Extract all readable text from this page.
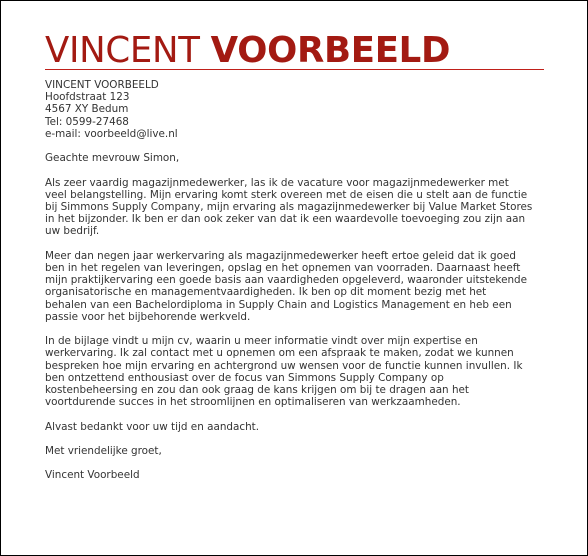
VINCENT VOORBEELD
VINCENT VOORBEELD
Hoofdstraat 123
4567 XY Bedum
Tel: 0599-27468
e-mail: voorbeeld@live.nl
Geachte mevrouw Simon,
Als zeer vaardig magazijnmedewerker, las ik de vacature voor magazijnmedewerker met
veel belangstelling. Mijn ervaring komt sterk overeen met de eisen die u stelt aan de functie
bij Simmons Supply Company, mijn ervaring als magazijnmedewerker bij Value Market Stores
in het bijzonder. Ik ben er dan ook zeker van dat ik een waardevolle toevoeging zou zijn aan
uw bedrijf.
Meer dan negen jaar werkervaring als magazijnmedewerker heeft ertoe geleid dat ik goed
ben in het regelen van leveringen, opslag en het opnemen van voorraden. Daarnaast heeft
mijn praktijkervaring een goede basis aan vaardigheden opgeleverd, waaronder uitstekende
organisatorische en managementvaardigheden. Ik ben op dit moment bezig met het
behalen van een Bachelordiploma in Supply Chain and Logistics Management en heb een
passie voor het bijbehorende werkveld.
In de bijlage vindt u mijn cv, waarin u meer informatie vindt over mijn expertise en
werkervaring. Ik zal contact met u opnemen om een afspraak te maken, zodat we kunnen
bespreken hoe mijn ervaring en achtergrond uw wensen voor de functie kunnen invullen. Ik
ben ontzettend enthousiast over de focus van Simmons Supply Company op
kostenbeheersing en zou dan ook graag de kans krijgen om bij te dragen aan het
voortdurende succes in het stroomlijnen en optimaliseren van werkzaamheden.
Alvast bedankt voor uw tijd en aandacht.
Met vriendelijke groet,
Vincent Voorbeeld
